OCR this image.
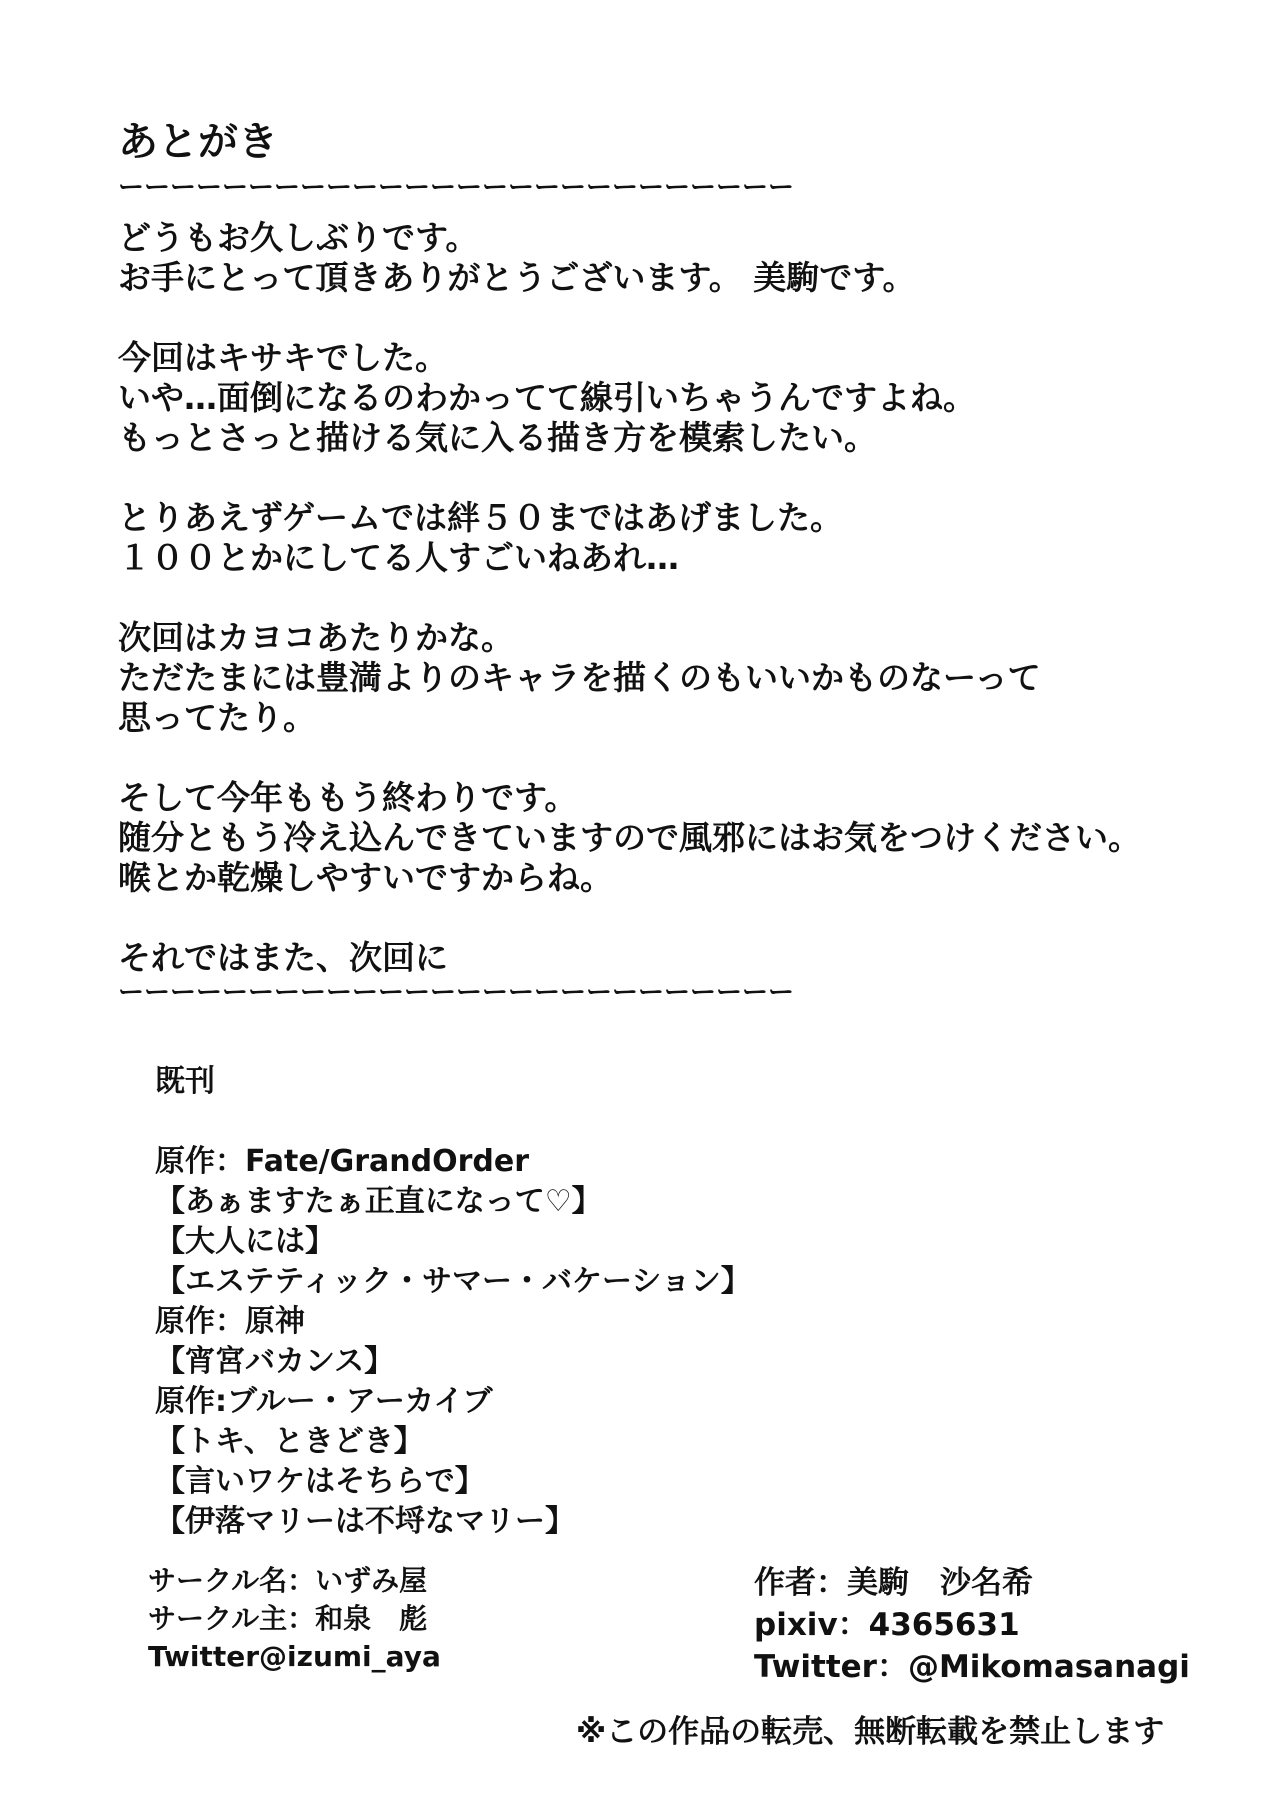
あとがき
ーーーーーーーーーーーーーーーーーーーーーーーーーー
どうもお久しぶりです。
お手にとって頂きありがとうございます。 美駒です。
今回はキサキでした。
いや…面倒になるのわかってて線引いちゃうんですよね。
もっとさっと描ける気に入る描き方を模索したい。
とりあえずゲームでは絆５０まではあげました。
１００とかにしてる人すごいねあれ…
次回はカヨコあたりかな。
ただたまには豊満よりのキャラを描くのもいいかものなーって
思ってたり。
そして今年ももう終わりです。
随分ともう冷え込んできていますので風邪にはお気をつけください。
喉とか乾燥しやすいですからね。
それではまた、次回に
ーーーーーーーーーーーーーーーーーーーーーーーーーー
既刊
原作：Fate/GrandOrder
【あぁますたぁ正直になって♡】
【大人には】
【エステティック・サマー・バケーション】
原作：原神
【宵宮バカンス】
原作:ブルー・アーカイブ
【トキ、ときどき】
【言いワケはそちらで】
【伊落マリーは不埒なマリー】
サークル名：いずみ屋
サークル主：和泉　彪
Twitter@izumi_aya
作者：美駒　沙名希
pixiv：4365631
Twitter：@Mikomasanagi
※この作品の転売、無断転載を禁止します
